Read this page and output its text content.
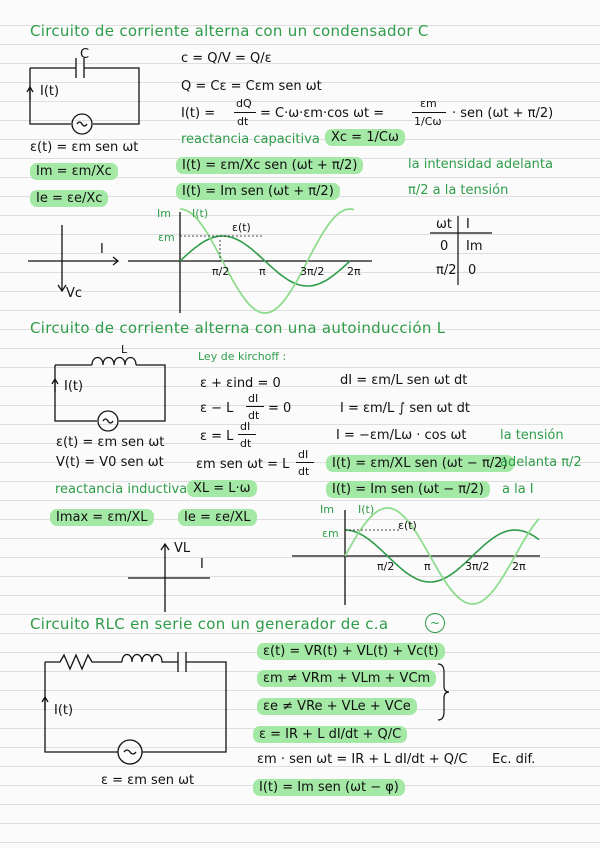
Circuito de corriente alterna con un condensador C
C
I(t)
ε(t) = εm sen ωt
c = Q/V = Q/ε
Q = Cε = Cεm sen ωt
I(t) =
dQ
dt
= C·ω·εm·cos ωt =
εm
1/Cω
· sen (ωt + π/2)
reactancia capacitiva Xc = 1/Cω
I(t) = εm/Xc sen (ωt + π/2)
Im = εm/Xc
I(t) = Im sen (ωt + π/2)
Ie = εe/Xc
la intensidad adelanta
π/2 a la tensión
I
Vc
Im I(t)
εm
ε(t)
π/2	π	3π/2 2π
ωt I
0 Im
π/2 0
Circuito de corriente alterna con una autoinducción L
L
I(t)
ε(t) = εm sen ωt
V(t) = V0 sen ωt
Ley de kirchoff :
ε + εind = 0
ε − L
dI
dt = 0
ε = L
dI
dt
εm sen ωt = L
dI
dt
dI = εm/L sen ωt dt
I = εm/L ∫ sen ωt dt
I = −εm/Lω · cos ωt	la tensión
I(t) = εm/XL sen (ωt − π/2)
adelanta π/2
reactancia inductiva XL = L·ω	I(t) = Im sen (ωt − π/2)	a la I
Imax = εm/XL	Ie = εe/XL
VL
I
Im I(t)
εm
ε(t)
π/2	π	3π/2 2π
Circuito RLC en serie con un generador de c.a	~
I(t)
ε = εm sen ωt
ε(t) = VR(t) + VL(t) + Vc(t)
εm ≠ VRm + VLm + VCm
εe ≠ VRe + VLe + VCe
ε = IR + L dI/dt + Q/C
εm · sen ωt = IR + L dI/dt + Q/C Ec. dif.
I(t) = Im sen (ωt − φ)
